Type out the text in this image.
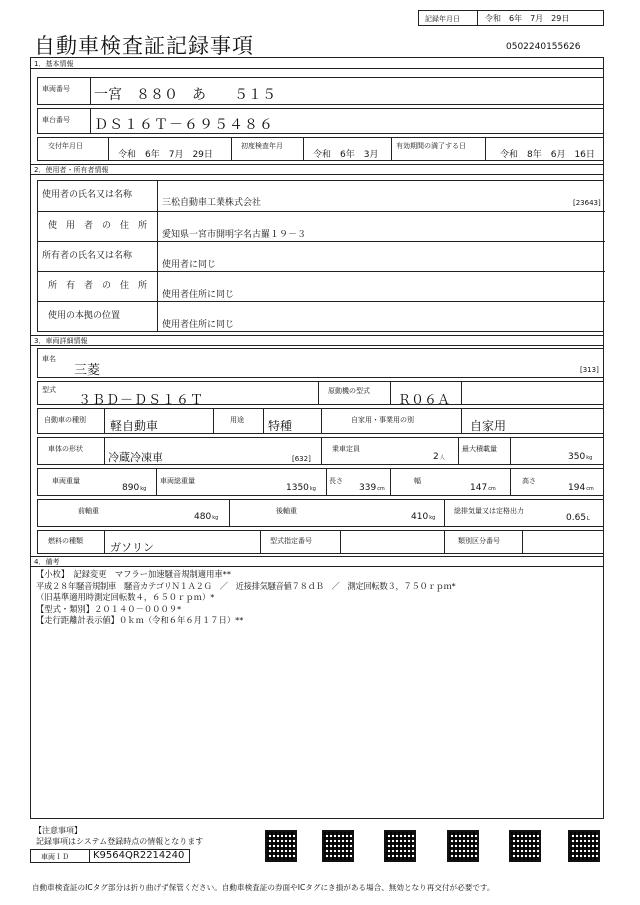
記録年月日	令和　6年　7月　29日
自動車検査証記録事項	0502240155626
1．基本情報
車両番号 一宮　８８０　あ　　５１５
車台番号 ＤＳ１６Ｔ－６９５４８６
交付年月日
令和　6年　7月　29日
初度検査年月
令和　6年　3月
有効期間の満了する日
令和　8年　6月　16日
2．使用者・所有者情報
使用者の氏名又は名称
三松自動車工業株式会社	[23643]
使　用　者　の　住　所
愛知県一宮市開明字名古羅１９－３
所有者の氏名又は名称
使用者に同じ
所　有　者　の　住　所
使用者住所に同じ
使用の本拠の位置
使用者住所に同じ
3．車両詳細情報
車名
三菱	[313]
型式
３ＢＤ－ＤＳ１６Ｔ
原動機の型式
Ｒ０６Ａ
自動車の種別 軽自動車	用途 特種	自家用・事業用の別	自家用
車体の形状
冷蔵冷凍車	[632]
乗車定員
2人
最大積載量
350kg
車両重量
890kg
車両総重量
1350kg
長さ
339cm
幅
147cm
高さ
194cm
前軸重
480kg
後軸重
410kg
総排気量又は定格出力
0.65L
燃料の種類 ガソリン	型式指定番号	類別区分番号
4．備考
【小枚】　記録変更　マフラー加速騒音規制適用車**
平成２８年騒音規制車　騒音カテゴリＮ１Ａ２Ｇ　／　近接排気騒音値７８ｄＢ　／　測定回転数３，７５０ｒｐｍ*
（旧基準適用時測定回転数４，６５０ｒｐｍ）*
【型式・類別】２０１４０－０００９*
【走行距離計表示値】０ｋｍ（令和６年６月１７日）**
【注意事項】
記録事項はシステム登録時点の情報となります
車両ＩＤ K9564QR2214240
自動車検査証のICタグ部分は折り曲げず保管ください。自動車検査証の券面やICタグにき損がある場合、無効となり再交付が必要です。
